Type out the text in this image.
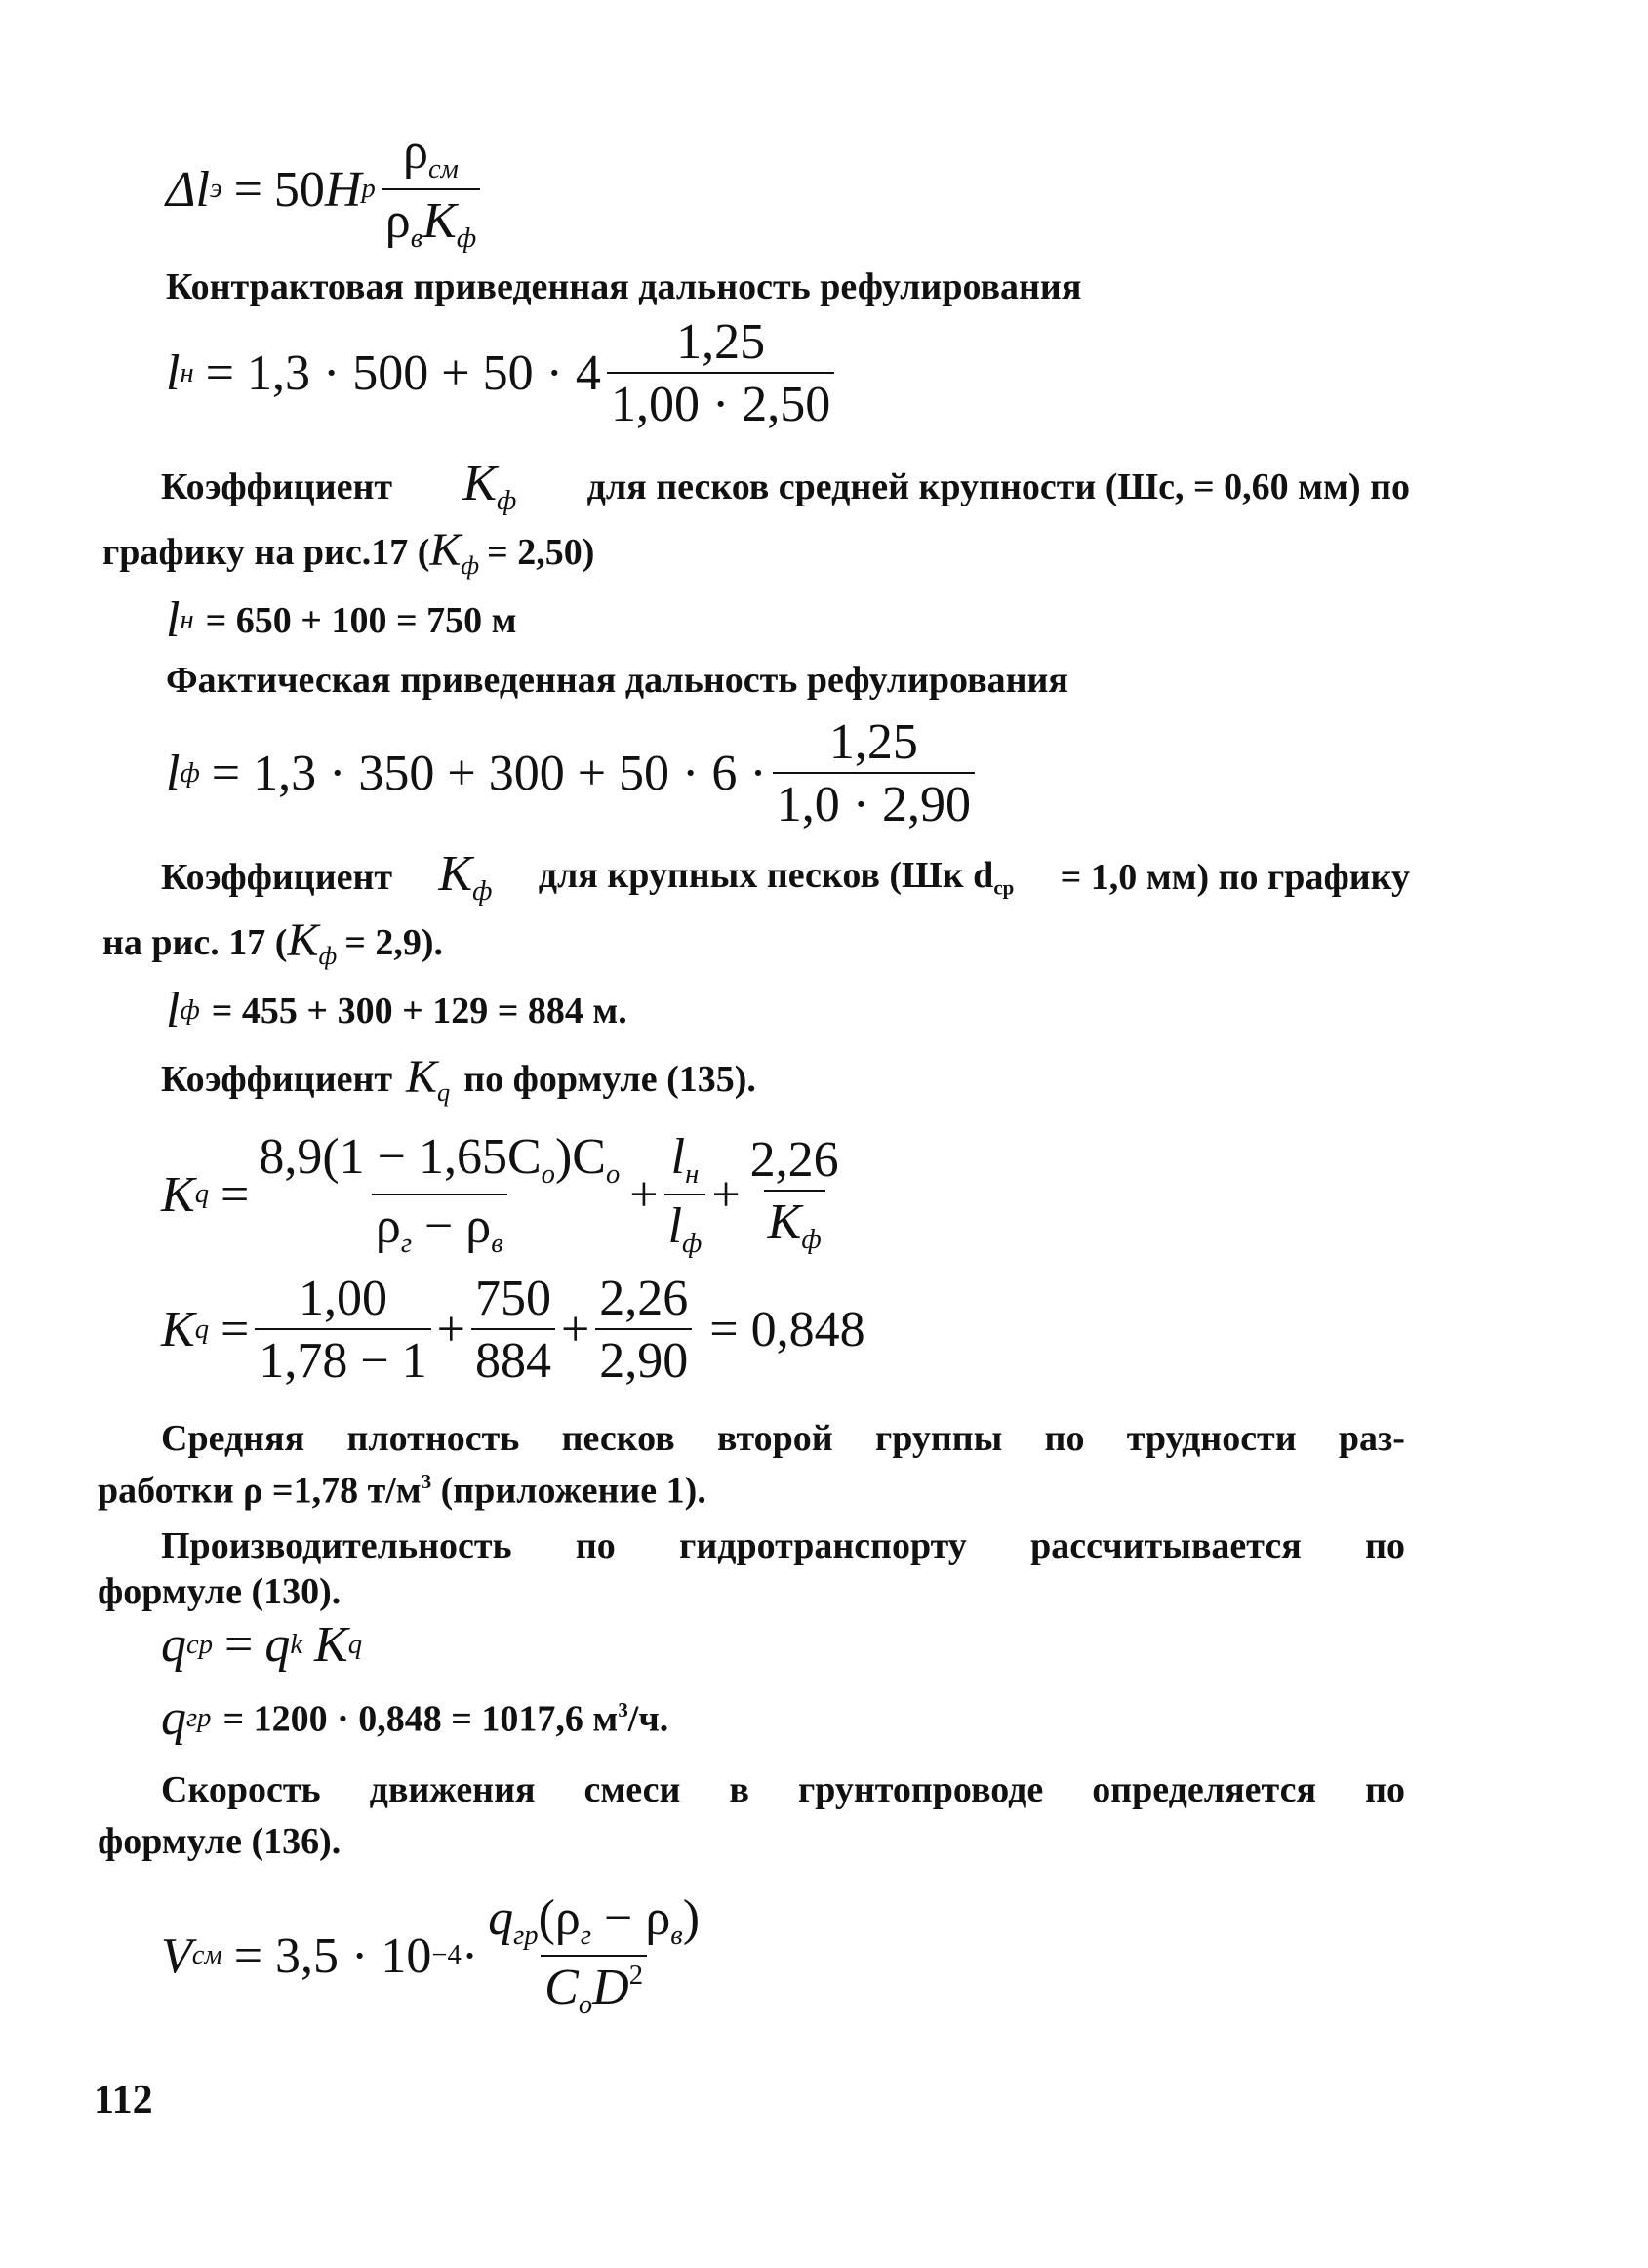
Δl э = 50 H р $\frac{\rho_{см}}{\rho_вK_ф}$
Контрактовая приведенная дальность рефулирования
l $н = 1,3 \cdot 500 + 50 \cdot 4 \frac{1,25}{1,00 \cdot 2,50}$
Коэффициент $K_ф$ для песков средней крупности (Шс, = 0,60 мм) по
графику на рис.17 ( $K_ф = 2,50$)
l н = 650 + 100 = 750 м
Фактическая приведенная дальность рефулирования
l $ф = 1,3 \cdot 350 + 300 + 50 \cdot 6 \cdot \frac{1,25}{1,0 \cdot 2,90}$
Коэффициент $K_ф$ для крупных песков (Шк $d_{ср} = 1,0$ мм) по графику
на рис. 17 ( $K_ф = 2,9$).
l ф = 455 + 300 + 129 = 884 м.
Коэффициент $K_q$ по формуле (135).
K $q = \frac{8,9(1 - 1,65C_о)C_о}{\rho_г - \rho_в} + \frac{l_н}{l_ф} + \frac{2,26}{K_ф}$
K $q = \frac{1,00}{1,78 - 1} + \frac{750}{884} + \frac{2,26}{2,90} = 0,848$
Средняя плотность песков второй группы по трудности раз-
работки ρ =1,78 $т/м^3$ (приложение 1).
Производительность по гидротранспорту рассчитывается по
формуле (130).
q ср = q k K q
q гр = 1200 · 0,848 = 1017,6 $м^3/ч$.
Скорость движения смеси в грунтопроводе определяется по
формуле (136).
V см = $3,5 \cdot 10 -4 \cdot \frac{q_{гр}(\rho_г - \rho_в)}{C_оD^2}$
112
